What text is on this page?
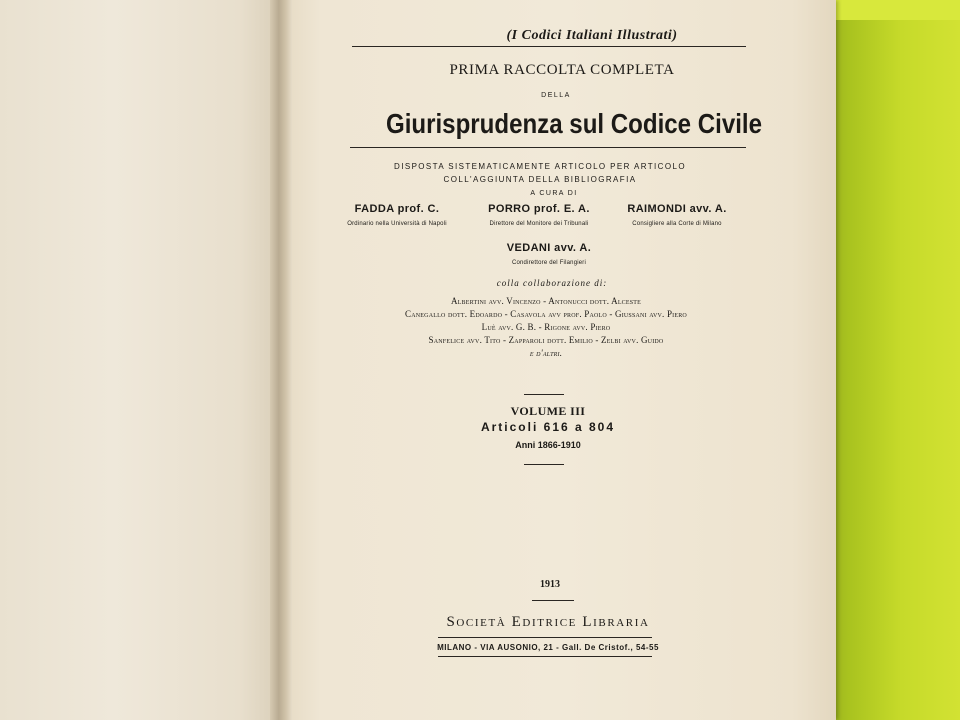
(I Codici Italiani Illustrati)
PRIMA RACCOLTA COMPLETA
DELLA
Giurisprudenza sul Codice Civile
DISPOSTA SISTEMATICAMENTE ARTICOLO PER ARTICOLO
COLL'AGGIUNTA DELLA BIBLIOGRAFIA
A CURA DI
FADDA prof. C.
Ordinario nella Università di Napoli
PORRO prof. E. A.
Direttore del Monitore dei Tribunali
RAIMONDI avv. A.
Consigliere alla Corte di Milano
VEDANI avv. A.
Condirettore del Filangieri
colla collaborazione di:
Albertini avv. Vincenzo - Antonucci dott. Alceste
Canegallo dott. Edoardo - Casavola avv prof. Paolo - Giussani avv. Piero
Luè avv. G. B. - Rigone avv. Piero
Sanfelice avv. Tito - Zapparoli dott. Emilio - Zelbi avv. Guido
e d'altri.
VOLUME III
Articoli 616 a 804
Anni 1866-1910
1913
Società Editrice Libraria
MILANO - VIA AUSONIO, 21 - Gall. De Cristof., 54-55
